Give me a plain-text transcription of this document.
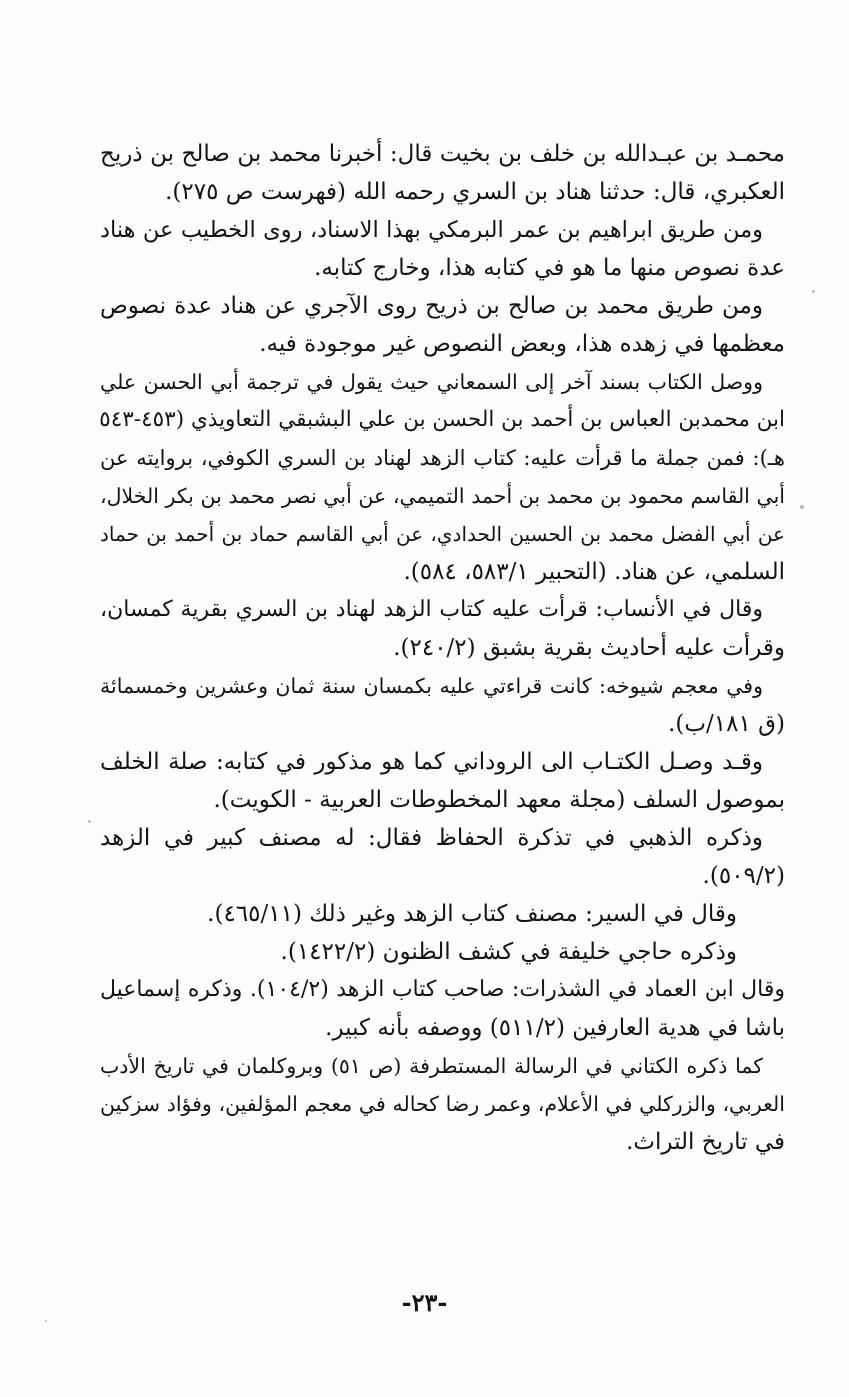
محمـد بن عبـدالله بن خلف بن بخيت قال: أخبرنا محمد بن صالح بن ذريح
العكبري، قال: حدثنا هناد بن السري رحمه الله (فهرست ص ٢٧٥).
ومن طريق ابراهيم بن عمر البرمكي بهذا الاسناد، روى الخطيب عن هناد
عدة نصوص منها ما هو في كتابه هذا، وخارج كتابه.
ومن طريق محمد بن صالح بن ذريح روى الآجري عن هناد عدة نصوص
معظمها في زهده هذا، وبعض النصوص غير موجودة فيه.
ووصل الكتاب بسند آخر إلى السمعاني حيث يقول في ترجمة أبي الحسن علي
ابن محمدبن العباس بن أحمد بن الحسن بن علي البشبقي التعاويذي (٤٥٣-٥٤٣
هـ): فمن جملة ما قرأت عليه: كتاب الزهد لهناد بن السري الكوفي، بروايته عن
أبي القاسم محمود بن محمد بن أحمد التميمي، عن أبي نصر محمد بن بكر الخلال،
عن أبي الفضل محمد بن الحسين الحدادي، عن أبي القاسم حماد بن أحمد بن حماد
السلمي، عن هناد. (التحبير ٥٨٣/١، ٥٨٤).
وقال في الأنساب: قرأت عليه كتاب الزهد لهناد بن السري بقرية كمسان،
وقرأت عليه أحاديث بقرية بشبق (٢٤٠/٢).
وفي معجم شيوخه: كانت قراءتي عليه بكمسان سنة ثمان وعشرين وخمسمائة
(ق ١٨١/ب).
وقـد وصـل الكتـاب الى الروداني كما هو مذكور في كتابه: صلة الخلف
بموصول السلف (مجلة معهد المخطوطات العربية - الكويت).
وذكره الذهبي في تذكرة الحفاظ فقال: له مصنف كبير في الزهد
(٥٠٩/٢).
وقال في السير: مصنف كتاب الزهد وغير ذلك (٤٦٥/١١).
وذكره حاجي خليفة في كشف الظنون (١٤٢٢/٢).
وقال ابن العماد في الشذرات: صاحب كتاب الزهد (١٠٤/٢). وذكره إسماعيل
باشا في هدية العارفين (٥١١/٢) ووصفه بأنه كبير.
كما ذكره الكتاني في الرسالة المستطرفة (ص ٥١) وبروكلمان في تاريخ الأدب
العربي، والزركلي في الأعلام، وعمر رضا كحاله في معجم المؤلفين، وفؤاد سزكين
في تاريخ التراث.
-٢٣-
